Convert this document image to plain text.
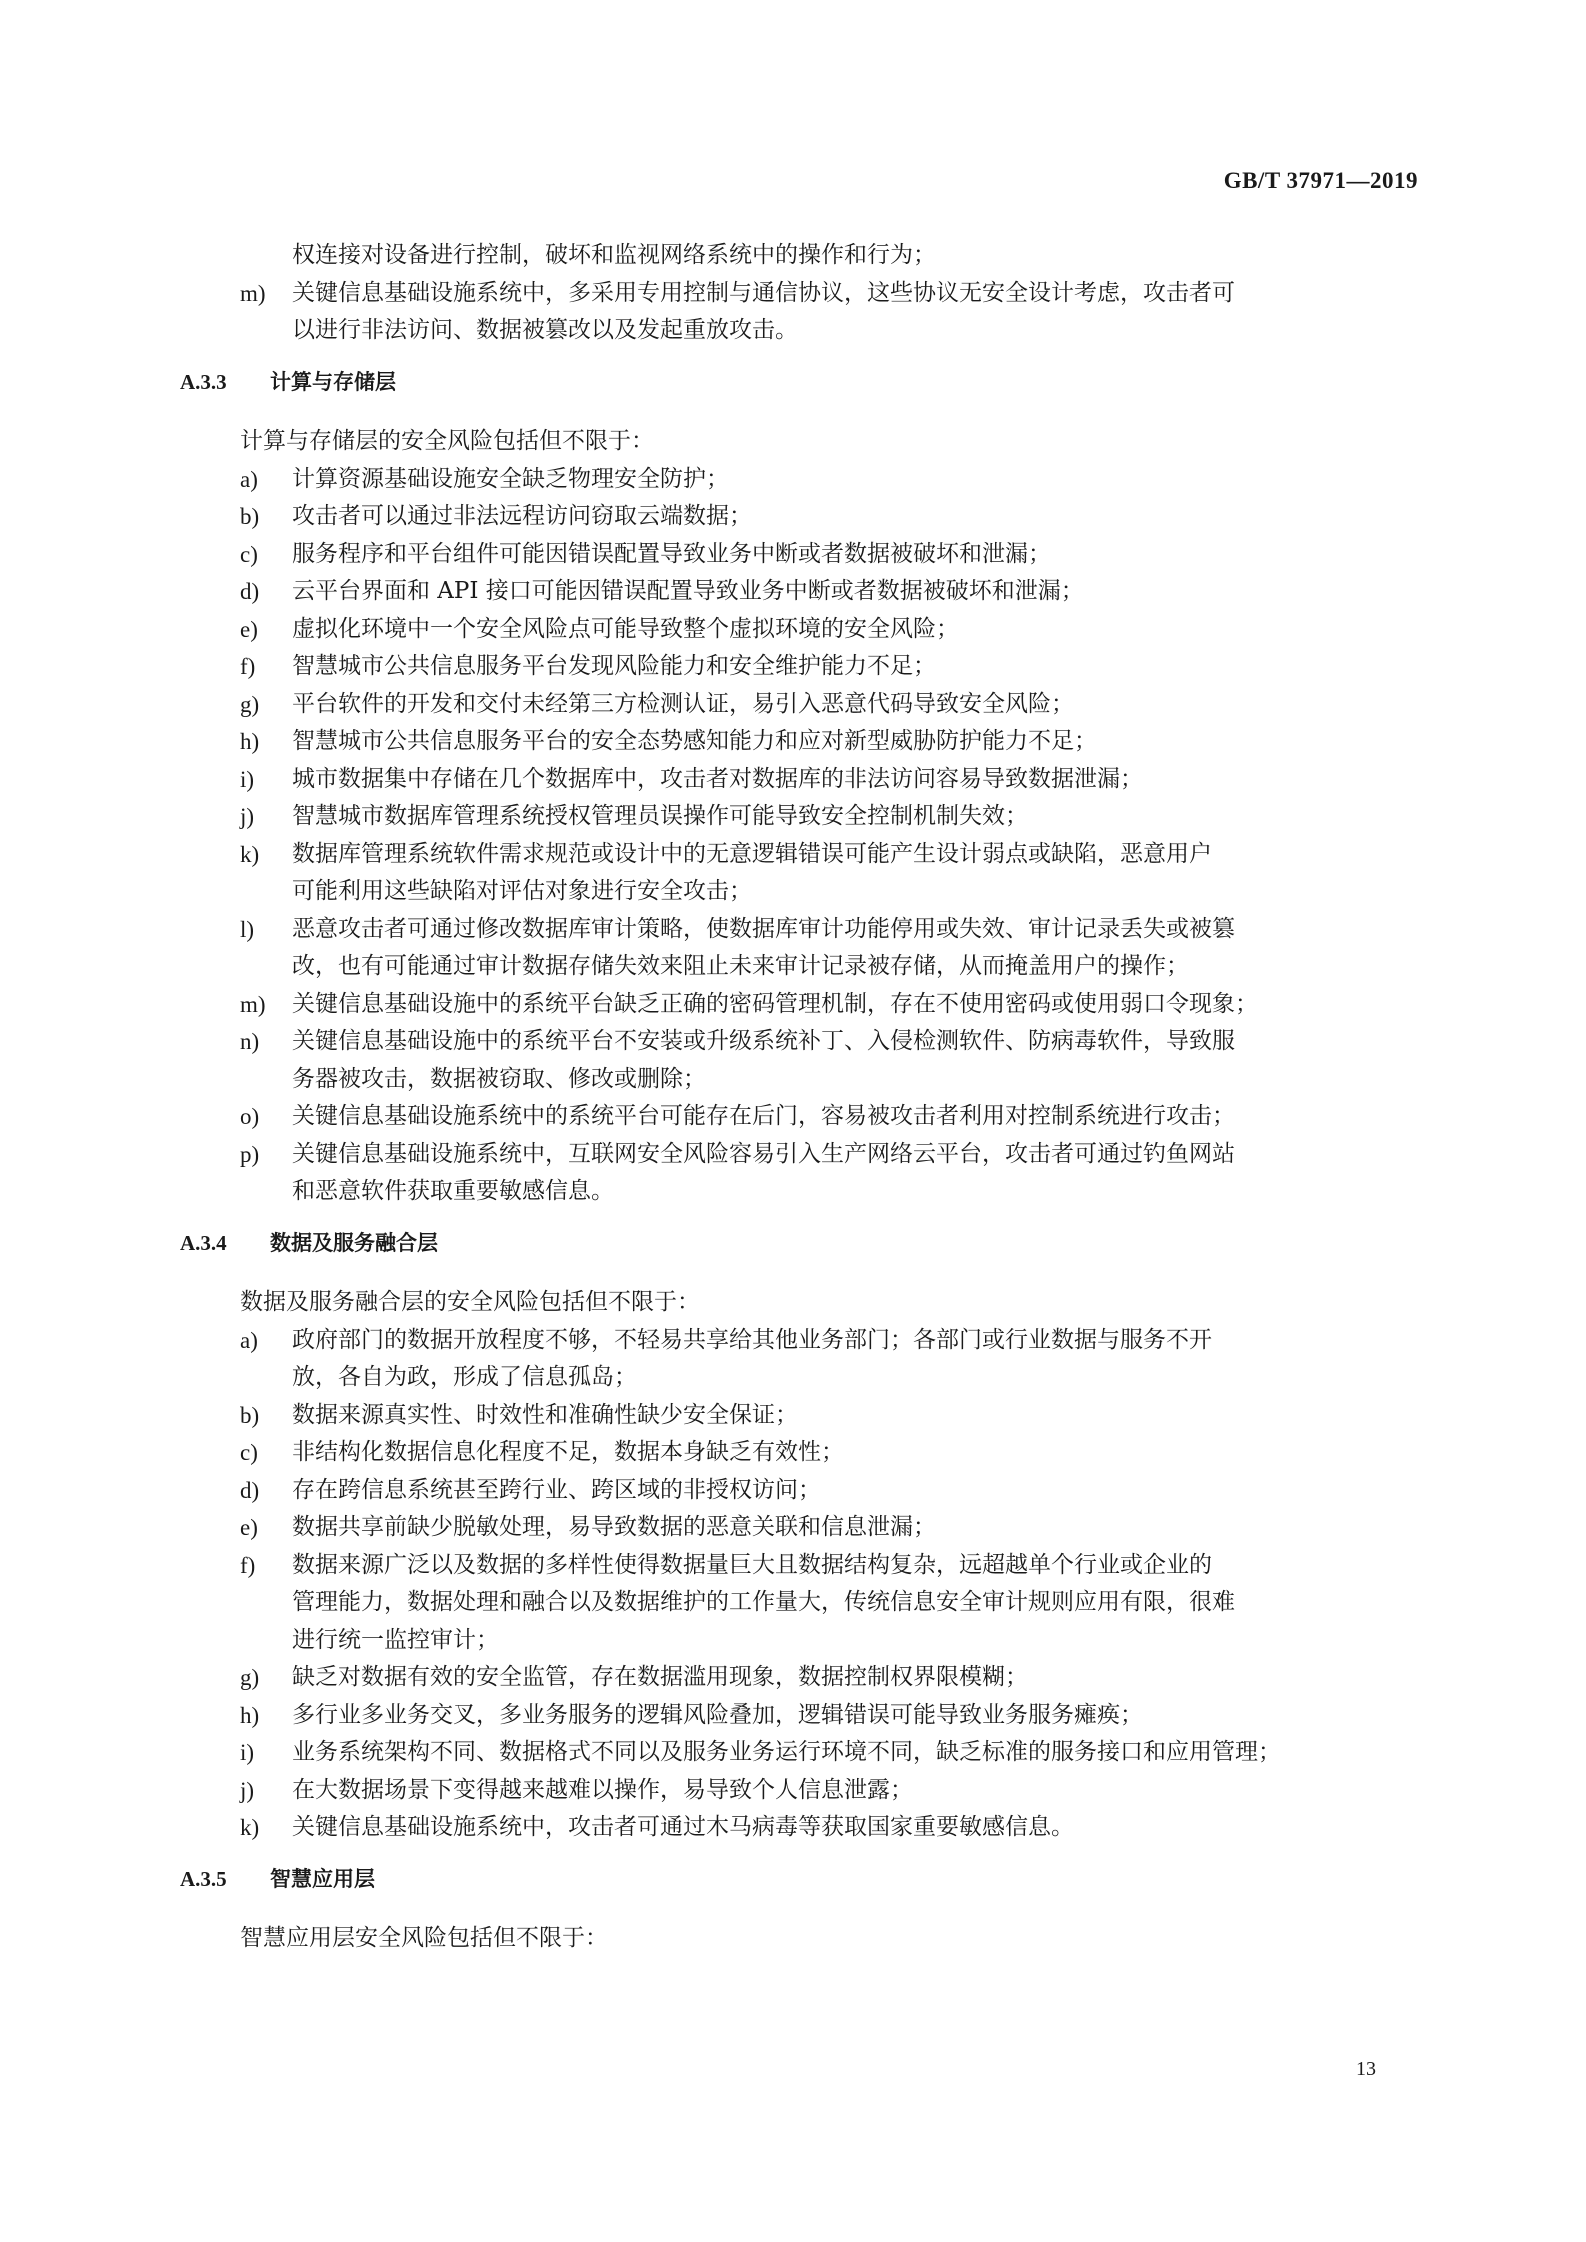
GB/T 37971—2019
权连接对设备进行控制，破坏和监视网络系统中的操作和行为；
m) 关键信息基础设施系统中，多采用专用控制与通信协议，这些协议无安全设计考虑，攻击者可
以进行非法访问、数据被篡改以及发起重放攻击。
A.3.3 计算与存储层
计算与存储层的安全风险包括但不限于：
a) 计算资源基础设施安全缺乏物理安全防护；
b) 攻击者可以通过非法远程访问窃取云端数据；
c) 服务程序和平台组件可能因错误配置导致业务中断或者数据被破坏和泄漏；
d) 云平台界面和 API 接口可能因错误配置导致业务中断或者数据被破坏和泄漏；
e) 虚拟化环境中一个安全风险点可能导致整个虚拟环境的安全风险；
f) 智慧城市公共信息服务平台发现风险能力和安全维护能力不足；
g) 平台软件的开发和交付未经第三方检测认证，易引入恶意代码导致安全风险；
h) 智慧城市公共信息服务平台的安全态势感知能力和应对新型威胁防护能力不足；
i) 城市数据集中存储在几个数据库中，攻击者对数据库的非法访问容易导致数据泄漏；
j) 智慧城市数据库管理系统授权管理员误操作可能导致安全控制机制失效；
k) 数据库管理系统软件需求规范或设计中的无意逻辑错误可能产生设计弱点或缺陷，恶意用户
可能利用这些缺陷对评估对象进行安全攻击；
l) 恶意攻击者可通过修改数据库审计策略，使数据库审计功能停用或失效、审计记录丢失或被篡
改，也有可能通过审计数据存储失效来阻止未来审计记录被存储，从而掩盖用户的操作；
m) 关键信息基础设施中的系统平台缺乏正确的密码管理机制，存在不使用密码或使用弱口令现象；
n) 关键信息基础设施中的系统平台不安装或升级系统补丁、入侵检测软件、防病毒软件，导致服
务器被攻击，数据被窃取、修改或删除；
o) 关键信息基础设施系统中的系统平台可能存在后门，容易被攻击者利用对控制系统进行攻击；
p) 关键信息基础设施系统中，互联网安全风险容易引入生产网络云平台，攻击者可通过钓鱼网站
和恶意软件获取重要敏感信息。
A.3.4 数据及服务融合层
数据及服务融合层的安全风险包括但不限于：
a) 政府部门的数据开放程度不够，不轻易共享给其他业务部门；各部门或行业数据与服务不开
放，各自为政，形成了信息孤岛；
b) 数据来源真实性、时效性和准确性缺少安全保证；
c) 非结构化数据信息化程度不足，数据本身缺乏有效性；
d) 存在跨信息系统甚至跨行业、跨区域的非授权访问；
e) 数据共享前缺少脱敏处理，易导致数据的恶意关联和信息泄漏；
f) 数据来源广泛以及数据的多样性使得数据量巨大且数据结构复杂，远超越单个行业或企业的
管理能力，数据处理和融合以及数据维护的工作量大，传统信息安全审计规则应用有限，很难
进行统一监控审计；
g) 缺乏对数据有效的安全监管，存在数据滥用现象，数据控制权界限模糊；
h) 多行业多业务交叉，多业务服务的逻辑风险叠加，逻辑错误可能导致业务服务瘫痪；
i) 业务系统架构不同、数据格式不同以及服务业务运行环境不同，缺乏标准的服务接口和应用管理；
j) 在大数据场景下变得越来越难以操作，易导致个人信息泄露；
k) 关键信息基础设施系统中，攻击者可通过木马病毒等获取国家重要敏感信息。
A.3.5 智慧应用层
智慧应用层安全风险包括但不限于：
13
